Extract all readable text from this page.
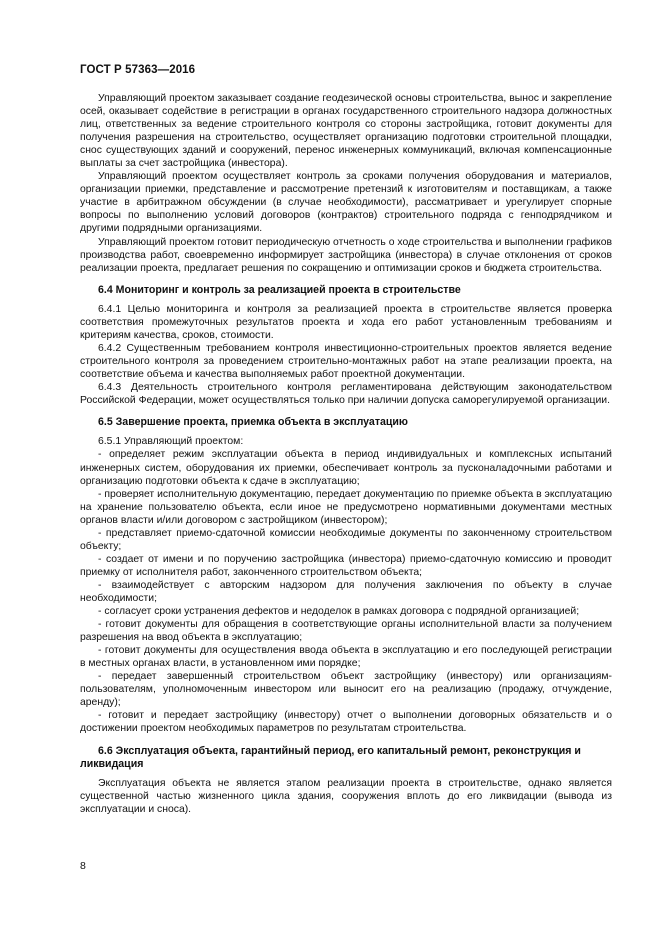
ГОСТ Р 57363—2016

Управляющий проектом заказывает создание геодезической основы строительства, вынос и закрепление осей, оказывает содействие в регистрации в органах государственного строительного надзора должностных лиц, ответственных за ведение строительного контроля со стороны застройщика, готовит документы для получения разрешения на строительство, осуществляет организацию подготовки строительной площадки, снос существующих зданий и сооружений, перенос инженерных коммуникаций, включая компенсационные выплаты за счет застройщика (инвестора).

Управляющий проектом осуществляет контроль за сроками получения оборудования и материалов, организации приемки, представление и рассмотрение претензий к изготовителям и поставщикам, а также участие в арбитражном обсуждении (в случае необходимости), рассматривает и урегулирует спорные вопросы по выполнению условий договоров (контрактов) строительного подряда с генподрядчиком и другими подрядными организациями.

Управляющий проектом готовит периодическую отчетность о ходе строительства и выполнении графиков производства работ, своевременно информирует застройщика (инвестора) в случае отклонения от сроков реализации проекта, предлагает решения по сокращению и оптимизации сроков и бюджета строительства.

6.4 Мониторинг и контроль за реализацией проекта в строительстве

6.4.1 Целью мониторинга и контроля за реализацией проекта в строительстве является проверка соответствия промежуточных результатов проекта и хода его работ установленным требованиям и критериям качества, сроков, стоимости.

6.4.2 Существенным требованием контроля инвестиционно-строительных проектов является ведение строительного контроля за проведением строительно-монтажных работ на этапе реализации проекта, на соответствие объема и качества выполняемых работ проектной документации.

6.4.3 Деятельность строительного контроля регламентирована действующим законодательством Российской Федерации, может осуществляться только при наличии допуска саморегулируемой организации.

6.5 Завершение проекта, приемка объекта в эксплуатацию

6.5.1 Управляющий проектом:

- определяет режим эксплуатации объекта в период индивидуальных и комплексных испытаний инженерных систем, оборудования их приемки, обеспечивает контроль за пусконаладочными работами и организацию подготовки объекта к сдаче в эксплуатацию;

- проверяет исполнительную документацию, передает документацию по приемке объекта в эксплуатацию на хранение пользователю объекта, если иное не предусмотрено нормативными документами местных органов власти и/или договором с застройщиком (инвестором);

- представляет приемо-сдаточной комиссии необходимые документы по законченному строительством объекту;

- создает от имени и по поручению застройщика (инвестора) приемо-сдаточную комиссию и проводит приемку от исполнителя работ, законченного строительством объекта;

- взаимодействует с авторским надзором для получения заключения по объекту в случае необходимости;

- согласует сроки устранения дефектов и недоделок в рамках договора с подрядной организацией;

- готовит документы для обращения в соответствующие органы исполнительной власти за получением разрешения на ввод объекта в эксплуатацию;

- готовит документы для осуществления ввода объекта в эксплуатацию и его последующей регистрации в местных органах власти, в установленном ими порядке;

- передает завершенный строительством объект застройщику (инвестору) или организациям-пользователям, уполномоченным инвестором или выносит его на реализацию (продажу, отчуждение, аренду);

- готовит и передает застройщику (инвестору) отчет о выполнении договорных обязательств и о достижении проектом необходимых параметров по результатам строительства.

6.6 Эксплуатация объекта, гарантийный период, его капитальный ремонт, реконструкция и ликвидация

Эксплуатация объекта не является этапом реализации проекта в строительстве, однако является существенной частью жизненного цикла здания, сооружения вплоть до его ликвидации (вывода из эксплуатации и сноса).

8
